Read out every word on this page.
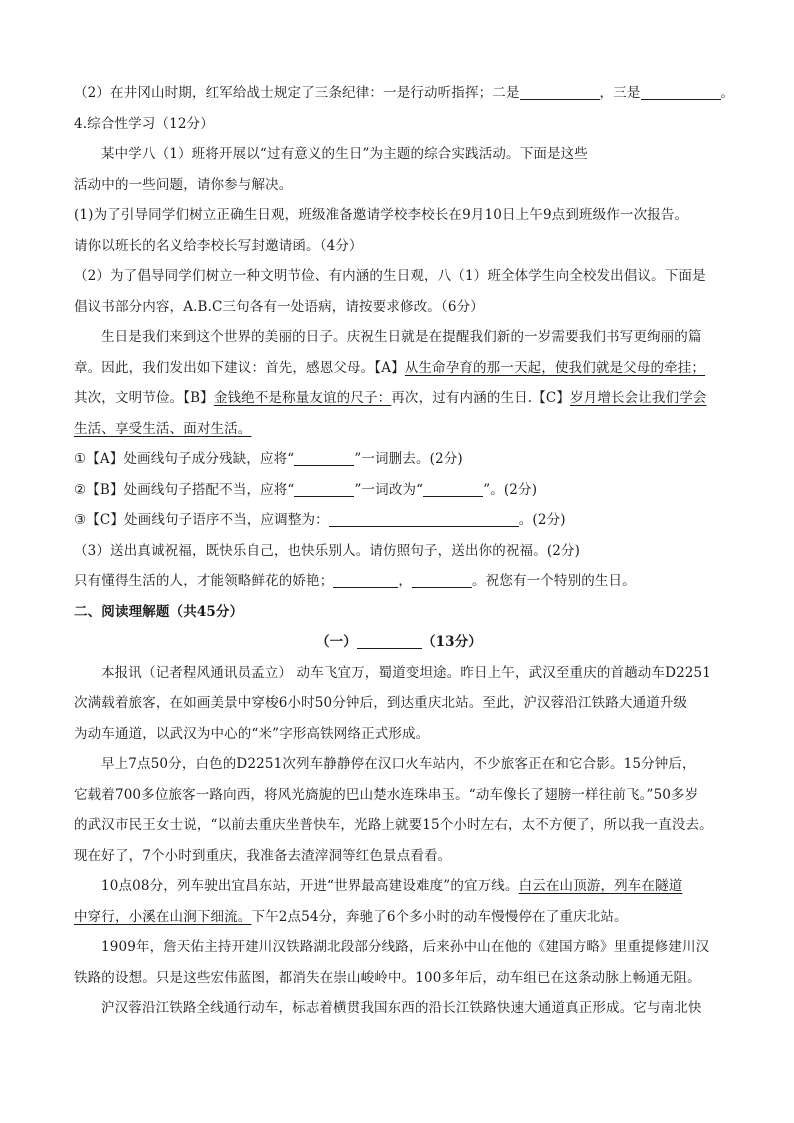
（2）在井冈山时期，红军给战士规定了三条纪律：一是行动听指挥；二是	，三是	。
4.综合性学习（12分）
某中学八（1）班将开展以“过有意义的生日”为主题的综合实践活动。下面是这些
活动中的一些问题，请你参与解决。
(1)为了引导同学们树立正确生日观，班级准备邀请学校李校长在9月10日上午9点到班级作一次报告。
请你以班长的名义给李校长写封邀请函。（4分）
（2）为了倡导同学们树立一种文明节俭、有内涵的生日观，八（1）班全体学生向全校发出倡议。下面是
倡议书部分内容，A.B.C三句各有一处语病，请按要求修改。（6分）
生日是我们来到这个世界的美丽的日子。庆祝生日就是在提醒我们新的一岁需要我们书写更绚丽的篇
章。因此，我们发出如下建议：首先，感恩父母。【A】从生命孕育的那一天起，使我们就是父母的牵挂；
其次，文明节俭。【B】金钱绝不是称量友谊的尺子：再次，过有内涵的生日.【C】岁月增长会让我们学会
生活、享受生活、面对生活。
①【A】处画线句子成分残缺，应将“	”一词删去。(2分)
②【B】处画线句子搭配不当，应将“	”一词改为“	”。(2分)
③【C】处画线句子语序不当，应调整为：	。(2分)
（3）送出真诚祝福，既快乐自己，也快乐别人。请仿照句子，送出你的祝福。(2分)
只有懂得生活的人，才能领略鲜花的娇艳；	，	。祝您有一个特别的生日。
二、阅读理解题（共45分）
（一）	（13分）
本报讯（记者程风通讯员孟立） 动车飞宜万，蜀道变坦途。昨日上午，武汉至重庆的首趟动车D2251
次满载着旅客，在如画美景中穿梭6小时50分钟后，到达重庆北站。至此，沪汉蓉沿江铁路大通道升级
为动车通道，以武汉为中心的“米”字形高铁网络正式形成。
早上7点50分，白色的D2251次列车静静停在汉口火车站内，不少旅客正在和它合影。15分钟后，
它载着700多位旅客一路向西，将风光旖旎的巴山楚水连珠串玉。“动车像长了翅膀一样往前飞。”50多岁
的武汉市民王女士说，“以前去重庆坐普快车，光路上就要15个小时左右，太不方便了，所以我一直没去。
现在好了，7个小时到重庆，我准备去渣滓洞等红色景点看看。
10点08分，列车驶出宜昌东站，开进“世界最高建设难度”的宜万线。白云在山顶游，列车在隧道
中穿行，小溪在山涧下细流。下午2点54分，奔驰了6个多小时的动车慢慢停在了重庆北站。
1909年，詹天佑主持开建川汉铁路湖北段部分线路，后来孙中山在他的《建国方略》里重提修建川汉
铁路的设想。只是这些宏伟蓝图，都消失在崇山峻岭中。100多年后，动车组已在这条动脉上畅通无阻。
沪汉蓉沿江铁路全线通行动车，标志着横贯我国东西的沿长江铁路快速大通道真正形成。它与南北快
